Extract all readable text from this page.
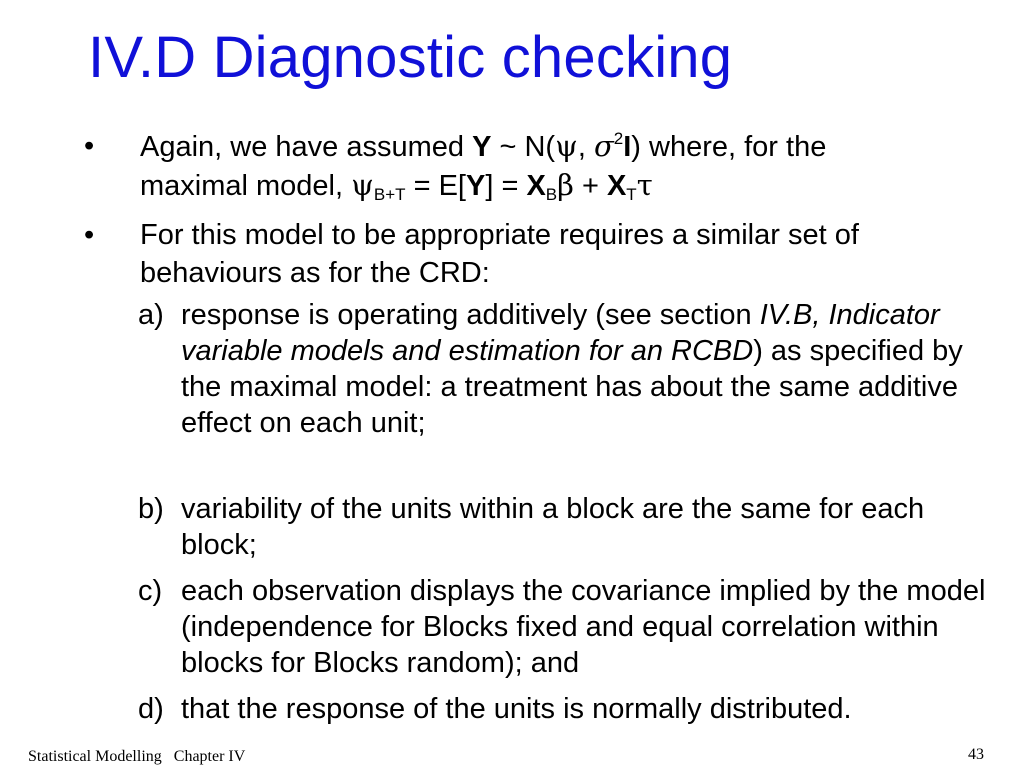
IV.D Diagnostic checking
• Again, we have assumed Y ~ N(ψ, $\sigma^2I$) where, for the
maximal model, $\psi_{B+T} = E[Y] = X_B\beta + X_T\tau$
• For this model to be appropriate requires a similar set of behaviours as for the CRD:
a) response is operating additively (see section IV.B, Indicator variable models and estimation for an RCBD) as specified by the maximal model: a treatment has about the same additive effect on each unit;
b) variability of the units within a block are the same for each block;
c) each observation displays the covariance implied by the model (independence for Blocks fixed and equal correlation within blocks for Blocks random); and
d) that the response of the units is normally distributed.
Statistical Modelling Chapter IV	43
